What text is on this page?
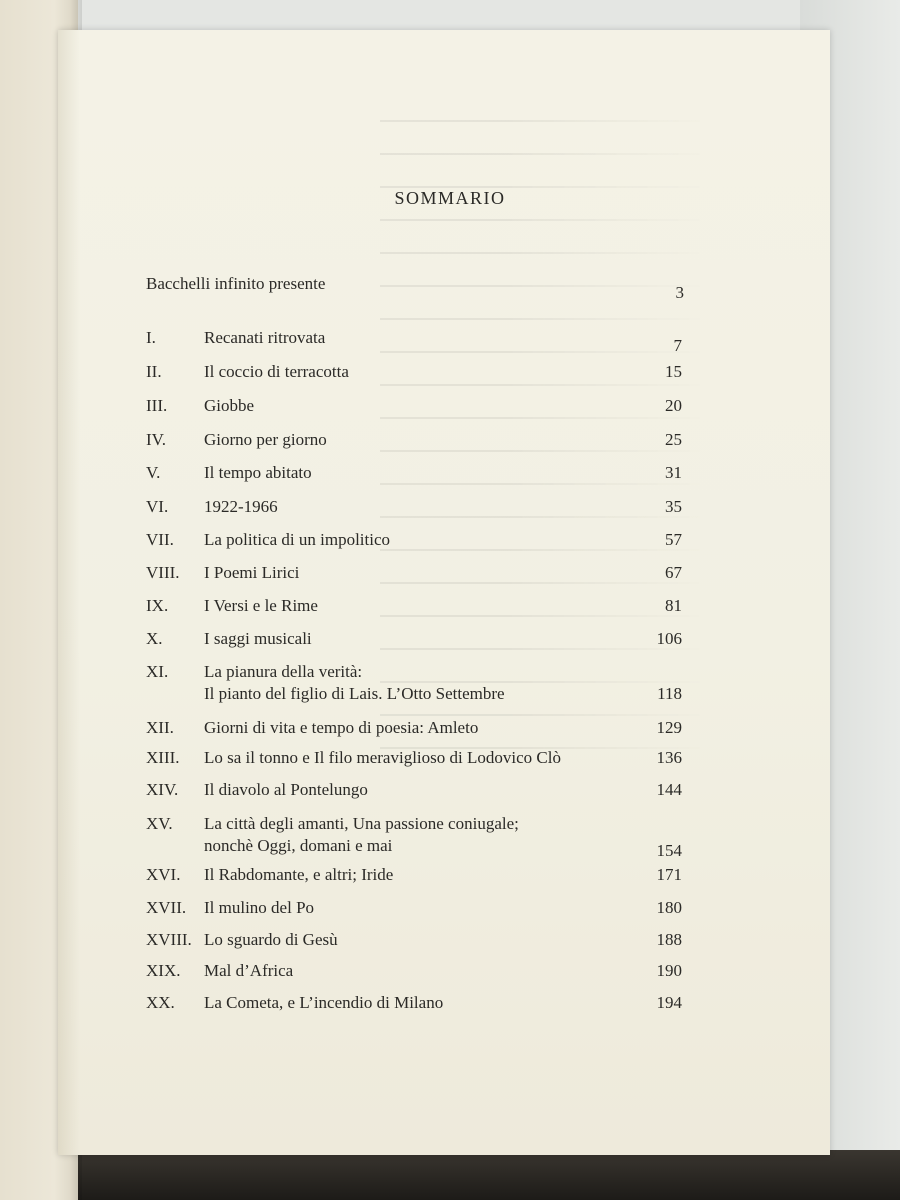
SOMMARIO
Bacchelli infinito presente	3
I.	Recanati ritrovata	7
II. Il coccio di terracotta	15
III. Giobbe	20
IV. Giorno per giorno	25
V.	Il tempo abitato	31
VI. 1922-1966	35
VII. La politica di un impolitico	57
VIII. I Poemi Lirici	67
IX. I Versi e le Rime	81
X. I saggi musicali	106
XI. La pianura della verità:
Il pianto del figlio di Lais. L’Otto Settembre	118
XII. Giorni di vita e tempo di poesia: Amleto	129
XIII. Lo sa il tonno e Il filo meraviglioso di Lodovico Clò	136
XIV. Il diavolo al Pontelungo	144
XV. La città degli amanti, Una passione coniugale;
nonchè Oggi, domani e mai	154
XVI. Il Rabdomante, e altri; Iride	171
XVII. Il mulino del Po	180
XVIII. Lo sguardo di Gesù	188
XIX. Mal d’Africa	190
XX. La Cometa, e L’incendio di Milano	194
